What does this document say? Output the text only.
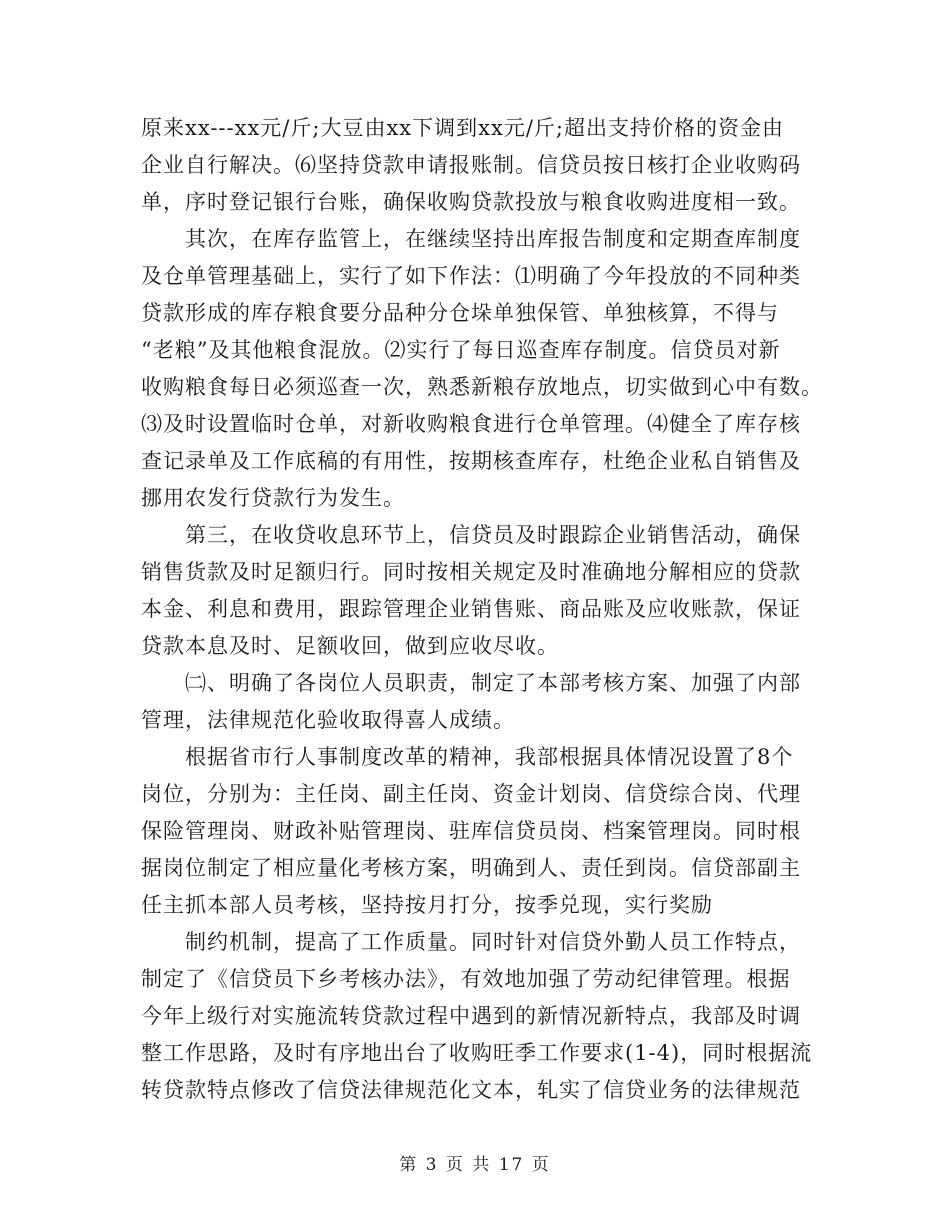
原来xx---xx元/斤;大豆由xx下调到xx元/斤;超出支持价格的资金由
企业自行解决。⑹坚持贷款申请报账制。信贷员按日核打企业收购码
单，序时登记银行台账，确保收购贷款投放与粮食收购进度相一致。
　　其次，在库存监管上，在继续坚持出库报告制度和定期查库制度
及仓单管理基础上，实行了如下作法：⑴明确了今年投放的不同种类
贷款形成的库存粮食要分品种分仓垛单独保管、单独核算，不得与
“老粮”及其他粮食混放。⑵实行了每日巡查库存制度。信贷员对新
收购粮食每日必须巡查一次，熟悉新粮存放地点，切实做到心中有数。
⑶及时设置临时仓单，对新收购粮食进行仓单管理。⑷健全了库存核
查记录单及工作底稿的有用性，按期核查库存，杜绝企业私自销售及
挪用农发行贷款行为发生。
　　第三，在收贷收息环节上，信贷员及时跟踪企业销售活动，确保
销售货款及时足额归行。同时按相关规定及时准确地分解相应的贷款
本金、利息和费用，跟踪管理企业销售账、商品账及应收账款，保证
贷款本息及时、足额收回，做到应收尽收。
　　㈡、明确了各岗位人员职责，制定了本部考核方案、加强了内部
管理，法律规范化验收取得喜人成绩。
　　根据省市行人事制度改革的精神，我部根据具体情况设置了8个
岗位，分别为：主任岗、副主任岗、资金计划岗、信贷综合岗、代理
保险管理岗、财政补贴管理岗、驻库信贷员岗、档案管理岗。同时根
据岗位制定了相应量化考核方案，明确到人、责任到岗。信贷部副主
任主抓本部人员考核，坚持按月打分，按季兑现，实行奖励
　　制约机制，提高了工作质量。同时针对信贷外勤人员工作特点，
制定了《信贷员下乡考核办法》，有效地加强了劳动纪律管理。根据
今年上级行对实施流转贷款过程中遇到的新情况新特点，我部及时调
整工作思路，及时有序地出台了收购旺季工作要求(1-4)，同时根据流
转贷款特点修改了信贷法律规范化文本，轧实了信贷业务的法律规范
第 3 页 共 17 页
